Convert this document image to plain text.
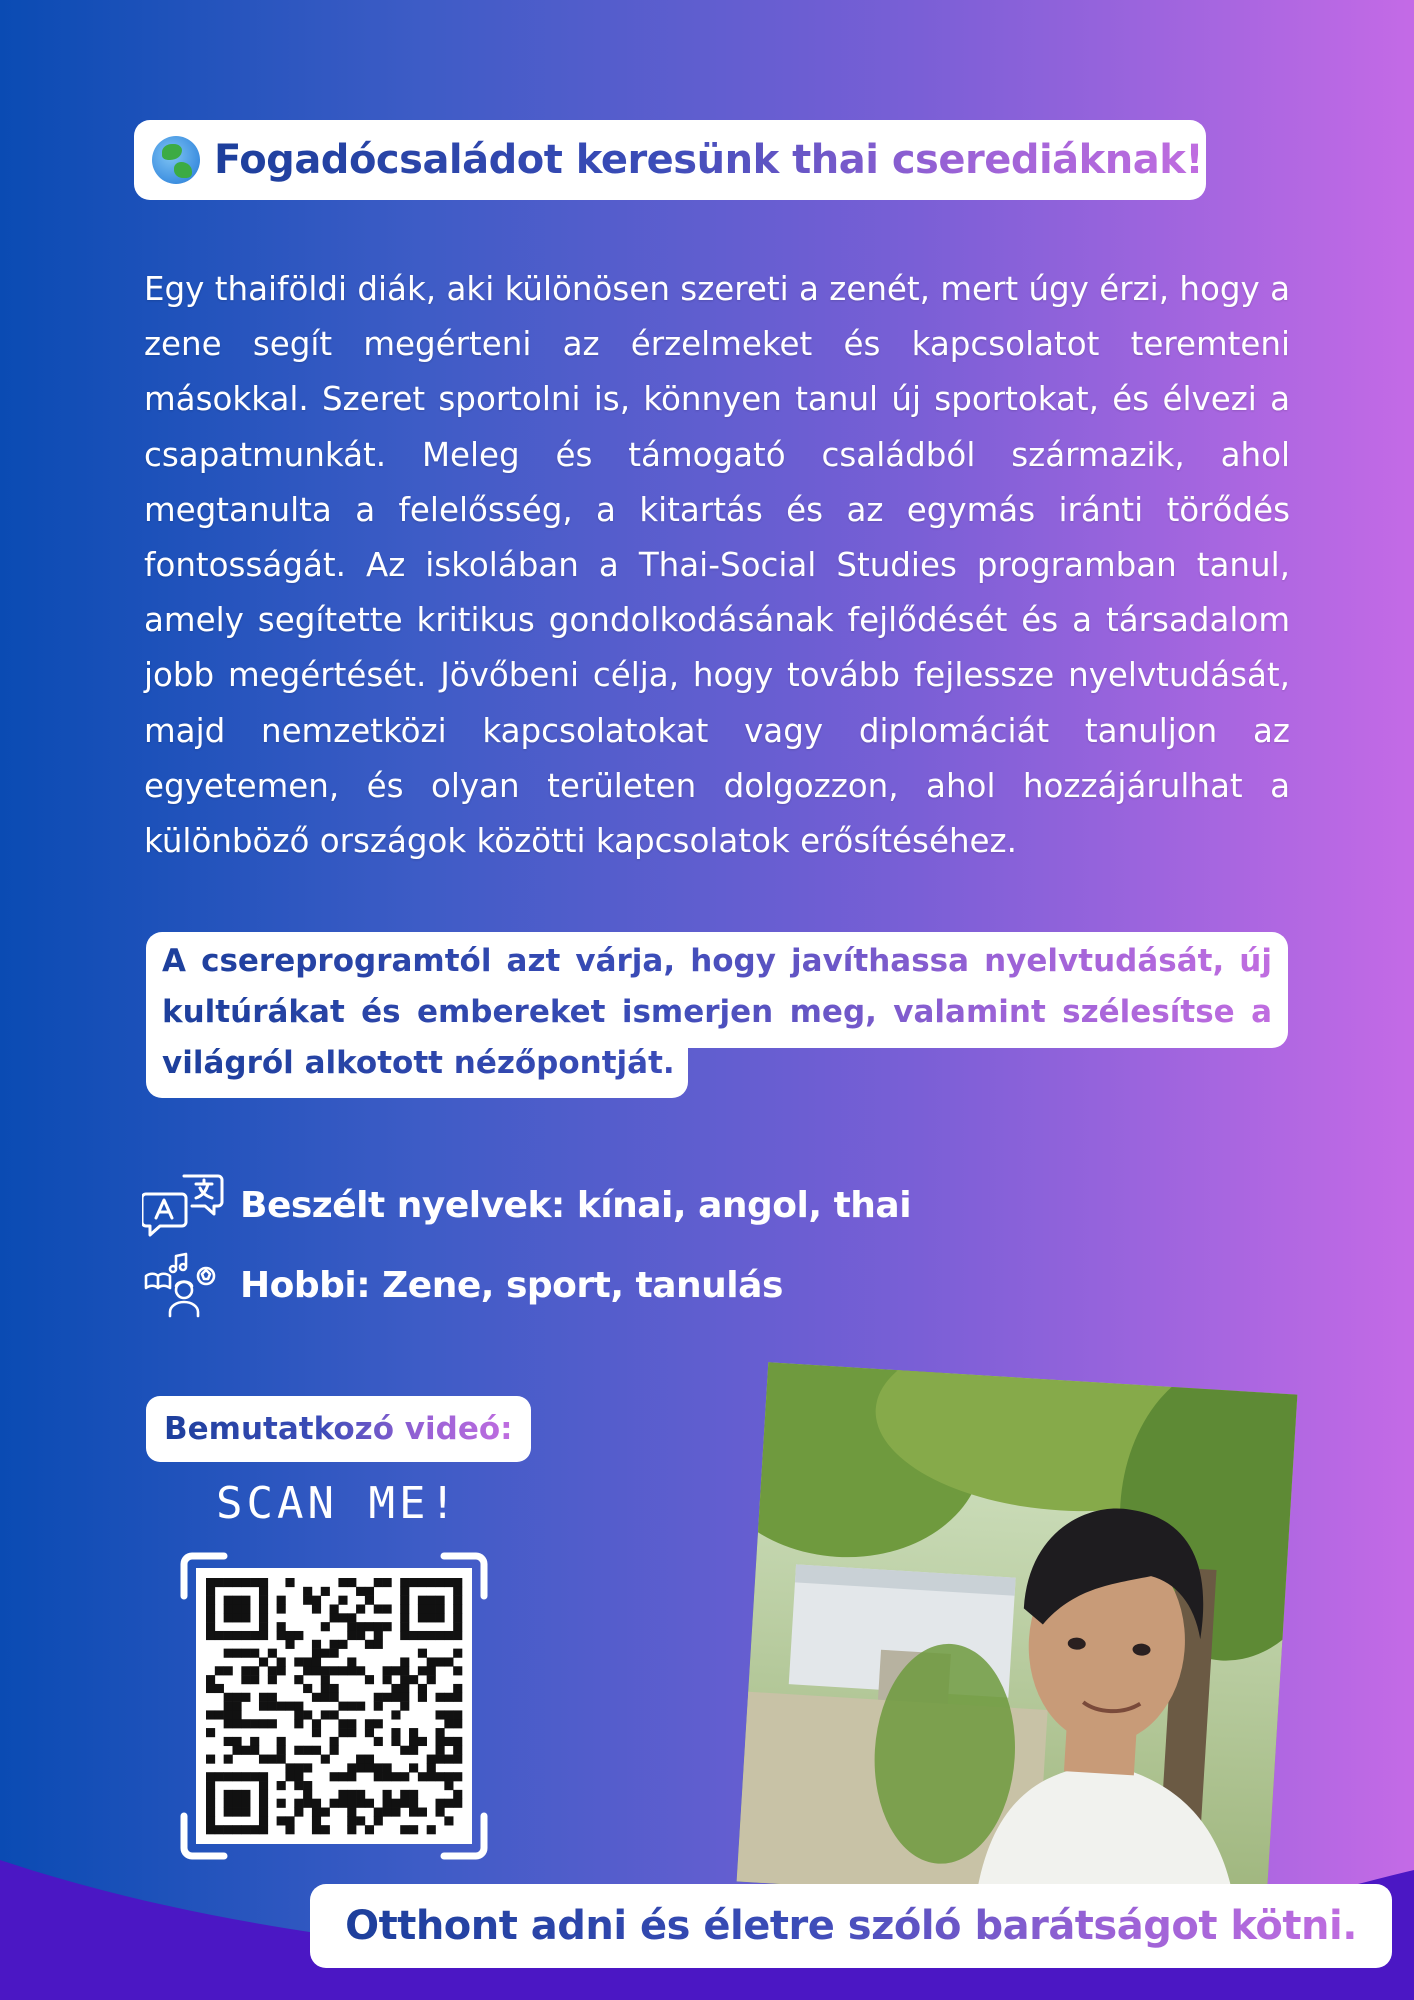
Fogadócsaládot keresünk thai cserediáknak!

Egy thaiföldi diák, aki különösen szereti a zenét, mert úgy érzi, hogy a zene segít megérteni az érzelmeket és kapcsolatot teremteni másokkal. Szeret sportolni is, könnyen tanul új sportokat, és élvezi a csapatmunkát. Meleg és támogató családból származik, ahol megtanulta a felelősség, a kitartás és az egymás iránti törődés fontosságát. Az iskolában a Thai-Social Studies programban tanul, amely segítette kritikus gondolkodásának fejlődését és a társadalom jobb megértését. Jövőbeni célja, hogy tovább fejlessze nyelvtudását, majd nemzetközi kapcsolatokat vagy diplomáciát tanuljon az egyetemen, és olyan területen dolgozzon, ahol hozzájárulhat a különböző országok közötti kapcsolatok erősítéséhez.

A csereprogramtól azt várja, hogy javíthassa nyelvtudását, új kultúrákat és embereket ismerjen meg, valamint szélesítse a világról alkotott nézőpontját.

Beszélt nyelvek: kínai, angol, thai
Hobbi: Zene, sport, tanulás
Bemutatkozó videó:
SCAN ME!
Otthont adni és életre szóló barátságot kötni.
